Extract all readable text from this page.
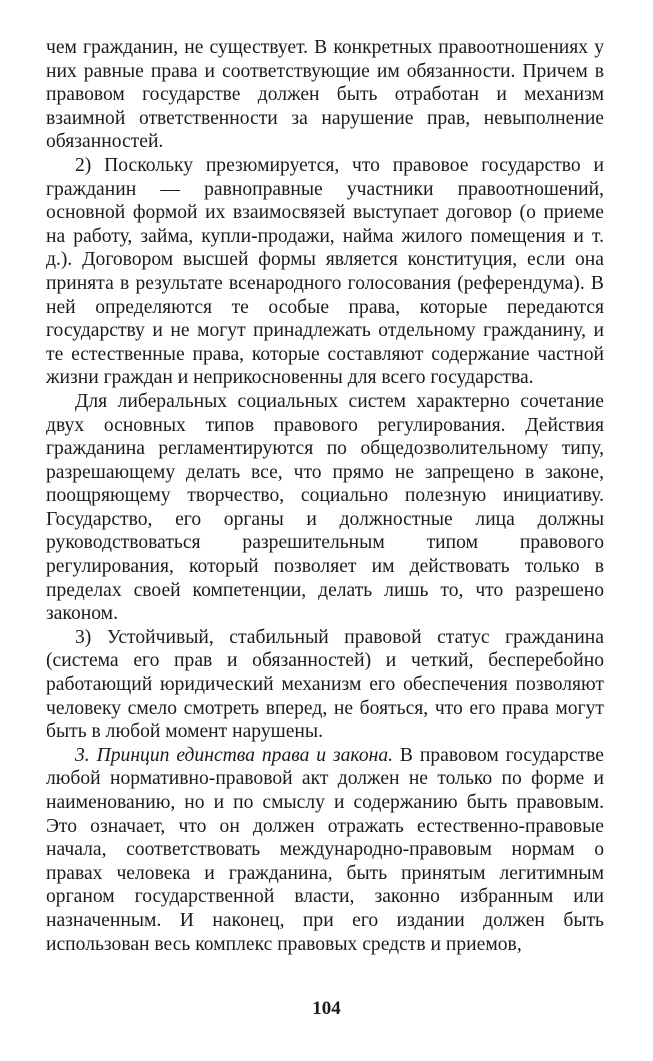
чем гражданин, не существует. В конкретных правоотношениях у них равные права и соответствующие им обязанности. Причем в правовом государстве должен быть отработан и механизм взаимной ответственности за нарушение прав, невыполнение обязанностей.

2) Поскольку презюмируется, что правовое государство и гражданин — равноправные участники правоотношений, основной формой их взаимосвязей выступает договор (о приеме на работу, займа, купли-продажи, найма жилого помещения и т. д.). Договором высшей формы является конституция, если она принята в результате всенародного голосования (референдума). В ней определяются те особые права, которые передаются государству и не могут принадлежать отдельному гражданину, и те естественные права, которые составляют содержание частной жизни граждан и неприкосновенны для всего государства.

Для либеральных социальных систем характерно сочетание двух основных типов правового регулирования. Действия гражданина регламентируются по общедозволительному типу, разрешающему делать все, что прямо не запрещено в законе, поощряющему творчество, социально полезную инициативу. Государство, его органы и должностные лица должны руководствоваться разрешительным типом правового регулирования, который позволяет им действовать только в пределах своей компетенции, делать лишь то, что разрешено законом.

3) Устойчивый, стабильный правовой статус гражданина (система его прав и обязанностей) и четкий, бесперебойно работающий юридический механизм его обеспечения позволяют человеку смело смотреть вперед, не бояться, что его права могут быть в любой момент нарушены.

3. Принцип единства права и закона. В правовом государстве любой нормативно-правовой акт должен не только по форме и наименованию, но и по смыслу и содержанию быть правовым. Это означает, что он должен отражать естественно-правовые начала, соответствовать международно-правовым нормам о правах человека и гражданина, быть принятым легитимным органом государственной власти, законно избранным или назначенным. И наконец, при его издании должен быть использован весь комплекс правовых средств и приемов,

104
